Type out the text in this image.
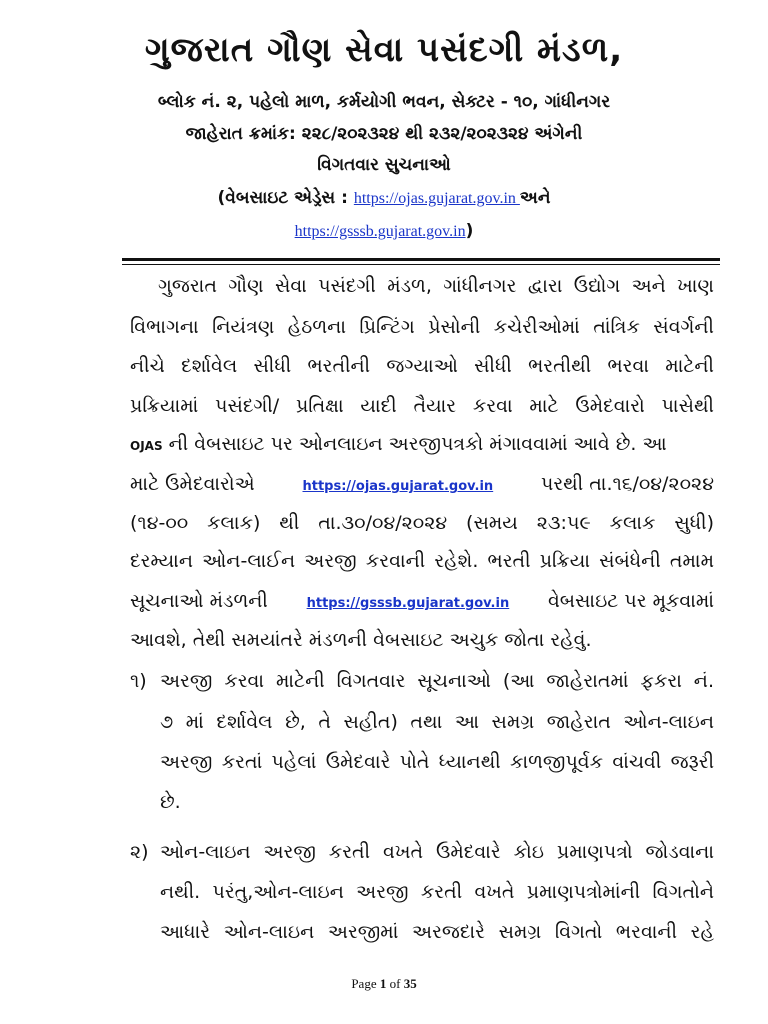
ગુજરાત ગૌણ સેવા પસંદગી મંડળ,
બ્લોક નં. ૨, પહેલો માળ, કર્મયોગી ભવન, સેક્ટર - ૧૦, ગાંધીનગર
જાહેરાત ક્રમાંક: ૨૨૮/૨૦૨૩૨૪ થી ૨૩૨/૨૦૨૩૨૪ અંગેની
વિગતવાર સુચનાઓ
(વેબસાઇટ એડ્રેસ : https://ojas.gujarat.gov.in અને
https://gsssb.gujarat.gov.in)
ગુજરાત ગૌણ સેવા પસંદગી મંડળ, ગાંધીનગર દ્વારા ઉદ્યોગ અને ખાણ
વિભાગના નિયંત્રણ હેઠળના પ્રિન્ટિંગ પ્રેસોની કચેરીઓમાં તાંત્રિક સંવર્ગની
નીચે દર્શાવેલ સીધી ભરતીની જગ્યાઓ સીધી ભરતીથી ભરવા માટેની
પ્રક્રિયામાં પસંદગી/ પ્રતિક્ષા યાદી તૈયાર કરવા માટે ઉમેદવારો પાસેથી
OJAS ની વેબસાઇટ પર ઓનલાઇન અરજીપત્રકો મંગાવવામાં આવે છે. આ
માટે ઉમેદવારોએ	https://ojas.gujarat.gov.in	પરથી તા.૧૬/૦૪/૨૦૨૪
(૧૪-૦૦ કલાક) થી તા.૩૦/૦૪/૨૦૨૪ (સમય ૨૩:૫૯ કલાક સુધી)
દરમ્યાન ઓન-લાઈન અરજી કરવાની રહેશે. ભરતી પ્રક્રિયા સંબંધેની તમામ
સૂચનાઓ મંડળની	https://gsssb.gujarat.gov.in વેબસાઇટ પર મૂકવામાં
આવશે, તેથી સમયાંતરે મંડળની વેબસાઇટ અચુક જોતા રહેવું.
૧) અરજી કરવા માટેની વિગતવાર સૂચનાઓ (આ જાહેરાતમાં ફકરા નં.
૭ માં દર્શાવેલ છે, તે સહીત) તથા આ સમગ્ર જાહેરાત ઓન-લાઇન
અરજી કરતાં પહેલાં ઉમેદવારે પોતે ધ્યાનથી કાળજીપૂર્વક વાંચવી જરૂરી
છે.
૨) ઓન-લાઇન અરજી કરતી વખતે ઉમેદવારે કોઇ પ્રમાણપત્રો જોડવાના
નથી. પરંતુ,ઓન-લાઇન અરજી કરતી વખતે પ્રમાણપત્રોમાંની વિગતોને
આધારે ઓન-લાઇન અરજીમાં અરજદારે સમગ્ર વિગતો ભરવાની રહે
Page 1 of 35
